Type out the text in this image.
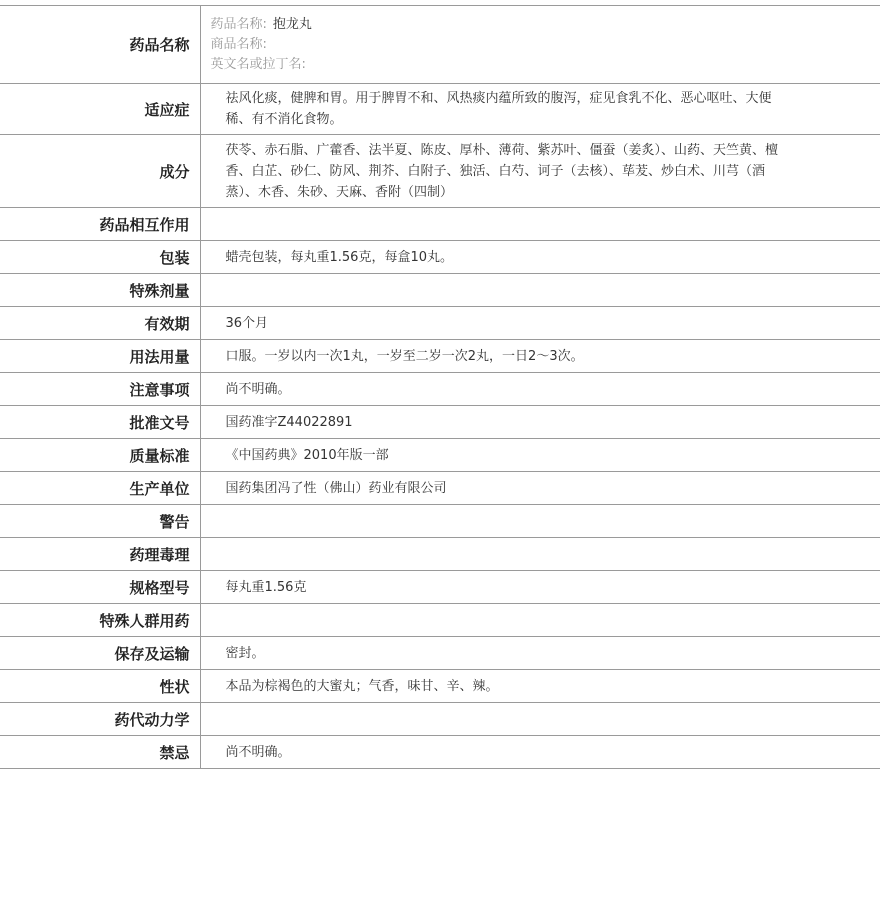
药品名称	药品名称: 抱龙丸
商品名称:
英文名或拉丁名:

适应症	祛风化痰，健脾和胃。用于脾胃不和、风热痰内蕴所致的腹泻，症见食乳不化、恶心呕吐、大便稀、有不消化食物。
成分	茯苓、赤石脂、广藿香、法半夏、陈皮、厚朴、薄荷、紫苏叶、僵蚕（姜炙）、山药、天竺黄、檀香、白芷、砂仁、防风、荆芥、白附子、独活、白芍、诃子（去核）、荜茇、炒白术、川芎（酒蒸）、木香、朱砂、天麻、香附（四制）
药品相互作用	
包装	蜡壳包装，每丸重1.56克，每盒10丸。
特殊剂量	
有效期	36个月
用法用量	口服。一岁以内一次1丸，一岁至二岁一次2丸，一日2～3次。
注意事项	尚不明确。
批准文号	国药准字Z44022891
质量标准	《中国药典》2010年版一部
生产单位	国药集团冯了性（佛山）药业有限公司
警告	
药理毒理	
规格型号	每丸重1.56克
特殊人群用药	
保存及运输	密封。
性状	本品为棕褐色的大蜜丸；气香，味甘、辛、辣。
药代动力学	
禁忌	尚不明确。
